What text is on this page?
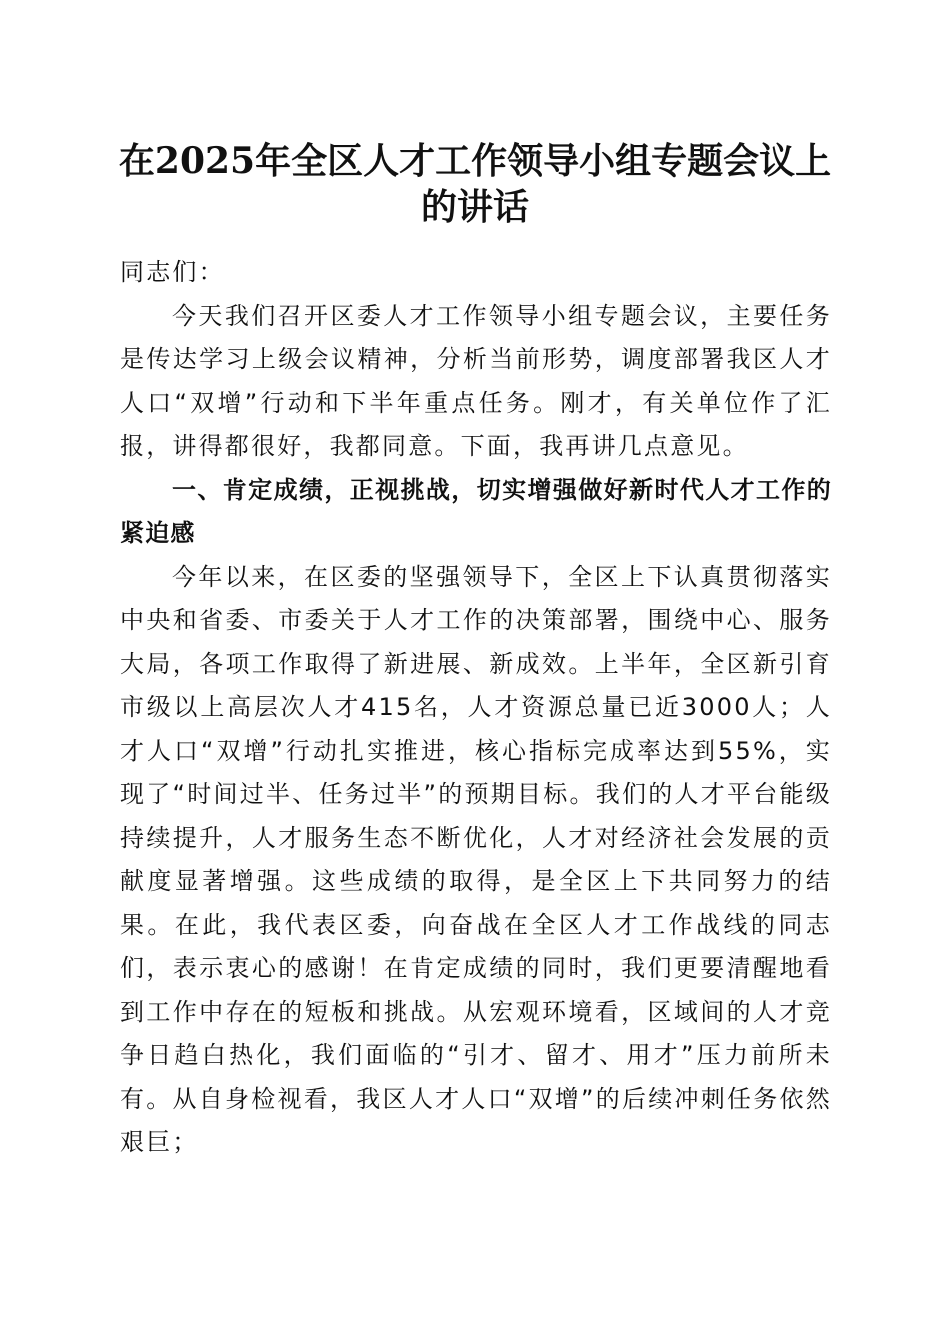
在2025年全区人才工作领导小组专题会议上
的讲话

同志们：

今天我们召开区委人才工作领导小组专题会议，主要任务是传达学习上级会议精神，分析当前形势，调度部署我区人才人口“双增”行动和下半年重点任务。刚才，有关单位作了汇报，讲得都很好，我都同意。下面，我再讲几点意见。

一、肯定成绩，正视挑战，切实增强做好新时代人才工作的紧迫感

今年以来，在区委的坚强领导下，全区上下认真贯彻落实中央和省委、市委关于人才工作的决策部署，围绕中心、服务大局，各项工作取得了新进展、新成效。上半年，全区新引育市级以上高层次人才415名，人才资源总量已近3000人；人才人口“双增”行动扎实推进，核心指标完成率达到55%，实现了“时间过半、任务过半”的预期目标。我们的人才平台能级持续提升，人才服务生态不断优化，人才对经济社会发展的贡献度显著增强。这些成绩的取得，是全区上下共同努力的结果。在此，我代表区委，向奋战在全区人才工作战线的同志们，表示衷心的感谢！在肯定成绩的同时，我们更要清醒地看到工作中存在的短板和挑战。从宏观环境看，区域间的人才竞争日趋白热化，我们面临的“引才、留才、用才”压力前所未有。从自身检视看，我区人才人口“双增”的后续冲刺任务依然艰巨；
